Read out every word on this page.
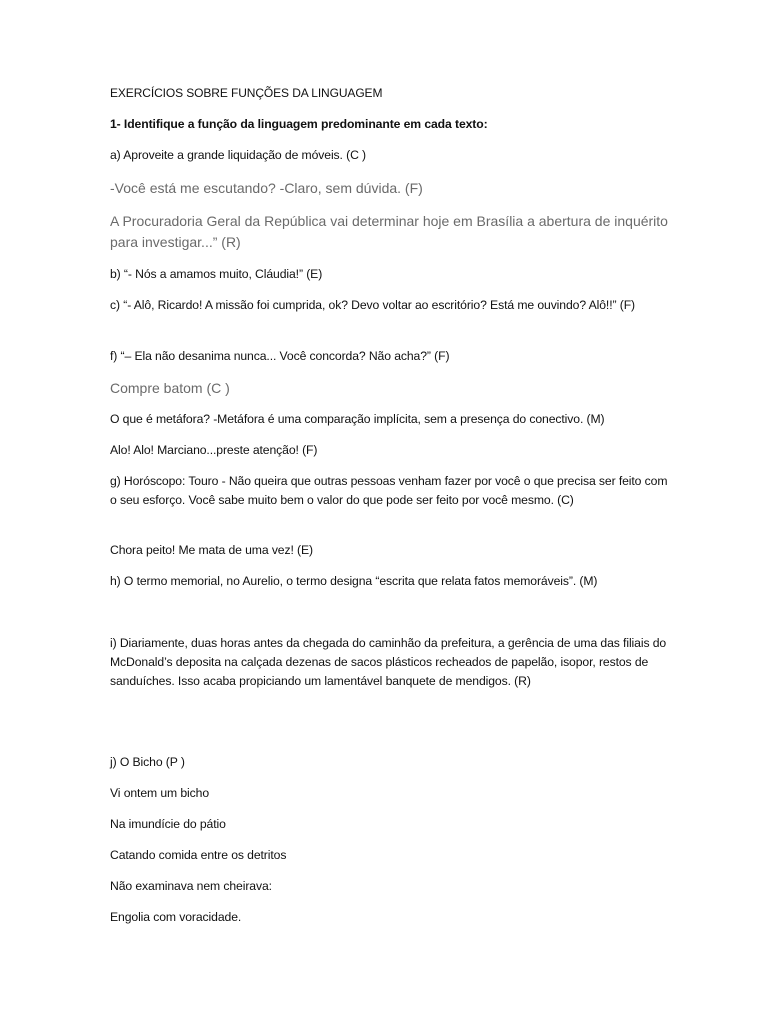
EXERCÍCIOS SOBRE FUNÇÕES DA LINGUAGEM

1- Identifique a função da linguagem predominante em cada texto:

a) Aproveite a grande liquidação de móveis. (C )

-Você está me escutando? -Claro, sem dúvida. (F)

A Procuradoria Geral da República vai determinar hoje em Brasília a abertura de inquérito para investigar...” (R)

b) “- Nós a amamos muito, Cláudia!” (E)

c) “- Alô, Ricardo! A missão foi cumprida, ok? Devo voltar ao escritório? Está me ouvindo? Alô!!” (F)

f) “– Ela não desanima nunca... Você concorda? Não acha?” (F)

Compre batom (C )

O que é metáfora? -Metáfora é uma comparação implícita, sem a presença do conectivo. (M)

Alo! Alo! Marciano...preste atenção! (F)

g) Horóscopo: Touro - Não queira que outras pessoas venham fazer por você o que precisa ser feito com o seu esforço. Você sabe muito bem o valor do que pode ser feito por você mesmo. (C)

Chora peito! Me mata de uma vez! (E)

h) O termo memorial, no Aurelio, o termo designa “escrita que relata fatos memoráveis”. (M)

i) Diariamente, duas horas antes da chegada do caminhão da prefeitura, a gerência de uma das filiais do McDonald’s deposita na calçada dezenas de sacos plásticos recheados de papelão, isopor, restos de sanduíches. Isso acaba propiciando um lamentável banquete de mendigos. (R)

j) O Bicho (P )

Vi ontem um bicho

Na imundície do pátio

Catando comida entre os detritos

Não examinava nem cheirava:

Engolia com voracidade.
